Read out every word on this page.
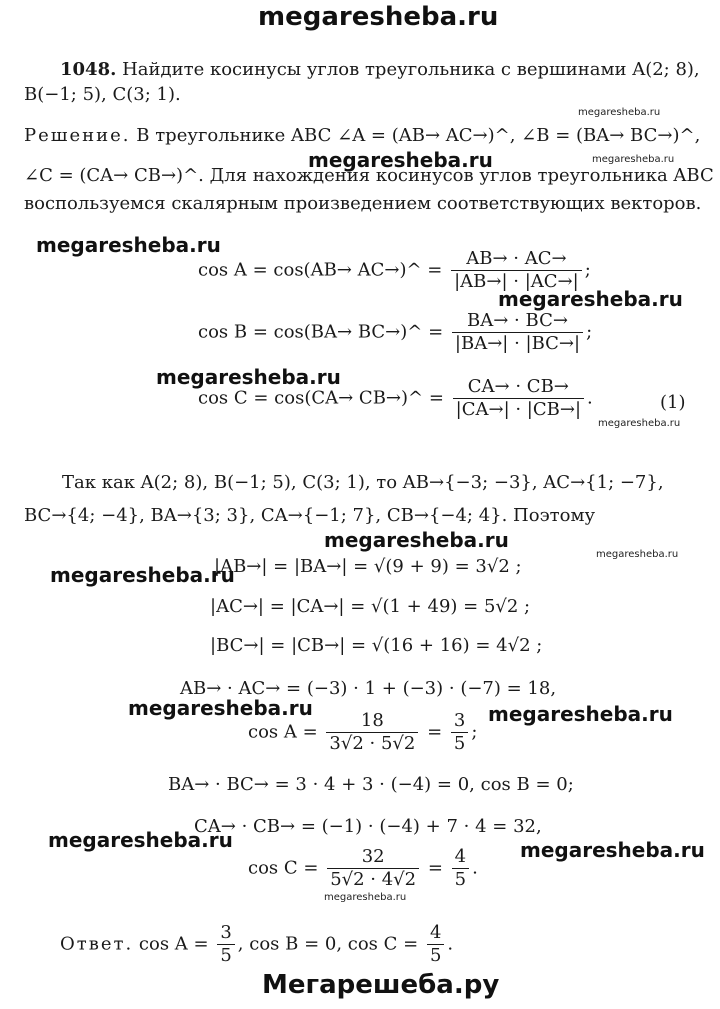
megaresheba.ru
1048. Найдите косинусы углов треугольника с вершинами A(2; 8),
B(−1; 5), C(3; 1).
Решение. В треугольнике ABC ∠A = (AB→ AC→)^, ∠B = (BA→ BC→)^,
∠C = (CA→ CB→)^. Для нахождения косинусов углов треугольника ABC
воспользуемся скалярным произведением соответствующих векторов.
cos A = cos(AB→ AC→)^ = $\frac{AB\to \cdot AC\to}{|AB\to| \cdot |AC\to|}$ ;
cos B = cos(BA→ BC→)^ = $\frac{BA\to \cdot BC\to}{|BA\to| \cdot |BC\to|}$ ;
cos C = cos(CA→ CB→)^ = $\frac{CA\to \cdot CB\to}{|CA\to| \cdot |CB\to|}$ .	(1)
Так как A(2; 8), B(−1; 5), C(3; 1), то AB→{−3; −3}, AC→{1; −7},
BC→{4; −4}, BA→{3; 3}, CA→{−1; 7}, CB→{−4; 4}. Поэтому
|AB→| = |BA→| = √(9 + 9) = 3√2 ;
|AC→| = |CA→| = √(1 + 49) = 5√2 ;
|BC→| = |CB→| = √(16 + 16) = 4√2 ;
AB→ · AC→ = (−3) · 1 + (−3) · (−7) = 18,
$\cos A = \frac{18}{3√2 \cdot 5√2} = \frac{3}{5}$ ;
BA→ · BC→ = 3 · 4 + 3 · (−4) = 0, cos B = 0;
CA→ · CB→ = (−1) · (−4) + 7 · 4 = 32,
$\cos C = \frac{32}{5√2 \cdot 4√2} = \frac{4}{5}$ .
Ответ. $\cos A = \frac{3}{5}$ , cos B = 0, $\cos C = \frac{4}{5}$ .
megaresheba.ru
megaresheba.ru
megaresheba.ru
megaresheba.ru
megaresheba.ru
megaresheba.ru
megaresheba.ru	megaresheba.ru
megaresheba.ru	megaresheba.ru
megaresheba.ru
megaresheba.ru
megaresheba.ru
megaresheba.ru
megaresheba.ru
Мегарешеба.ру
